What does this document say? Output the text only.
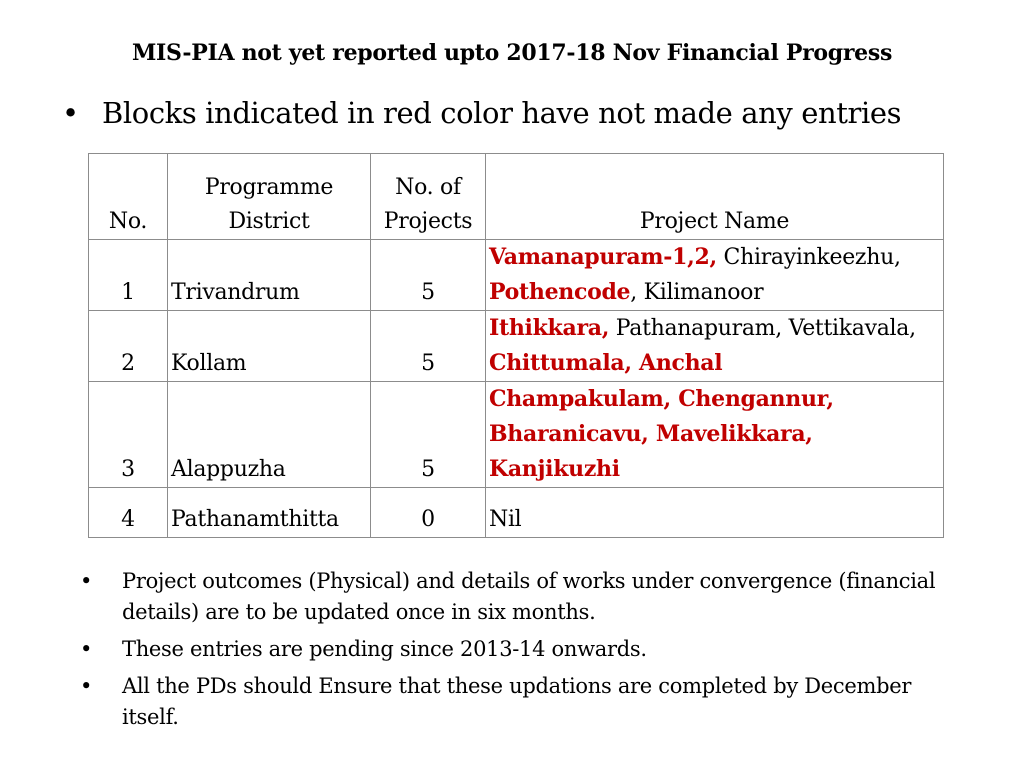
MIS-PIA not yet reported upto 2017-18 Nov Financial Progress
• Blocks indicated in red color have not made any entries
No.	Programme District	No. of Projects	Project Name
1	Trivandrum	5	Vamanapuram-1,2, Chirayinkeezhu, Pothencode, Kilimanoor
2	Kollam	5	Ithikkara, Pathanapuram, Vettikavala, Chittumala, Anchal
3	Alappuzha	5	Champakulam, Chengannur, Bharanicavu, Mavelikkara, Kanjikuzhi
4	Pathanamthitta	0	Nil
•	Project outcomes (Physical) and details of works under convergence (financial details) are to be updated once in six months.
•	These entries are pending since 2013-14 onwards.
•	All the PDs should Ensure that these updations are completed by December itself.
